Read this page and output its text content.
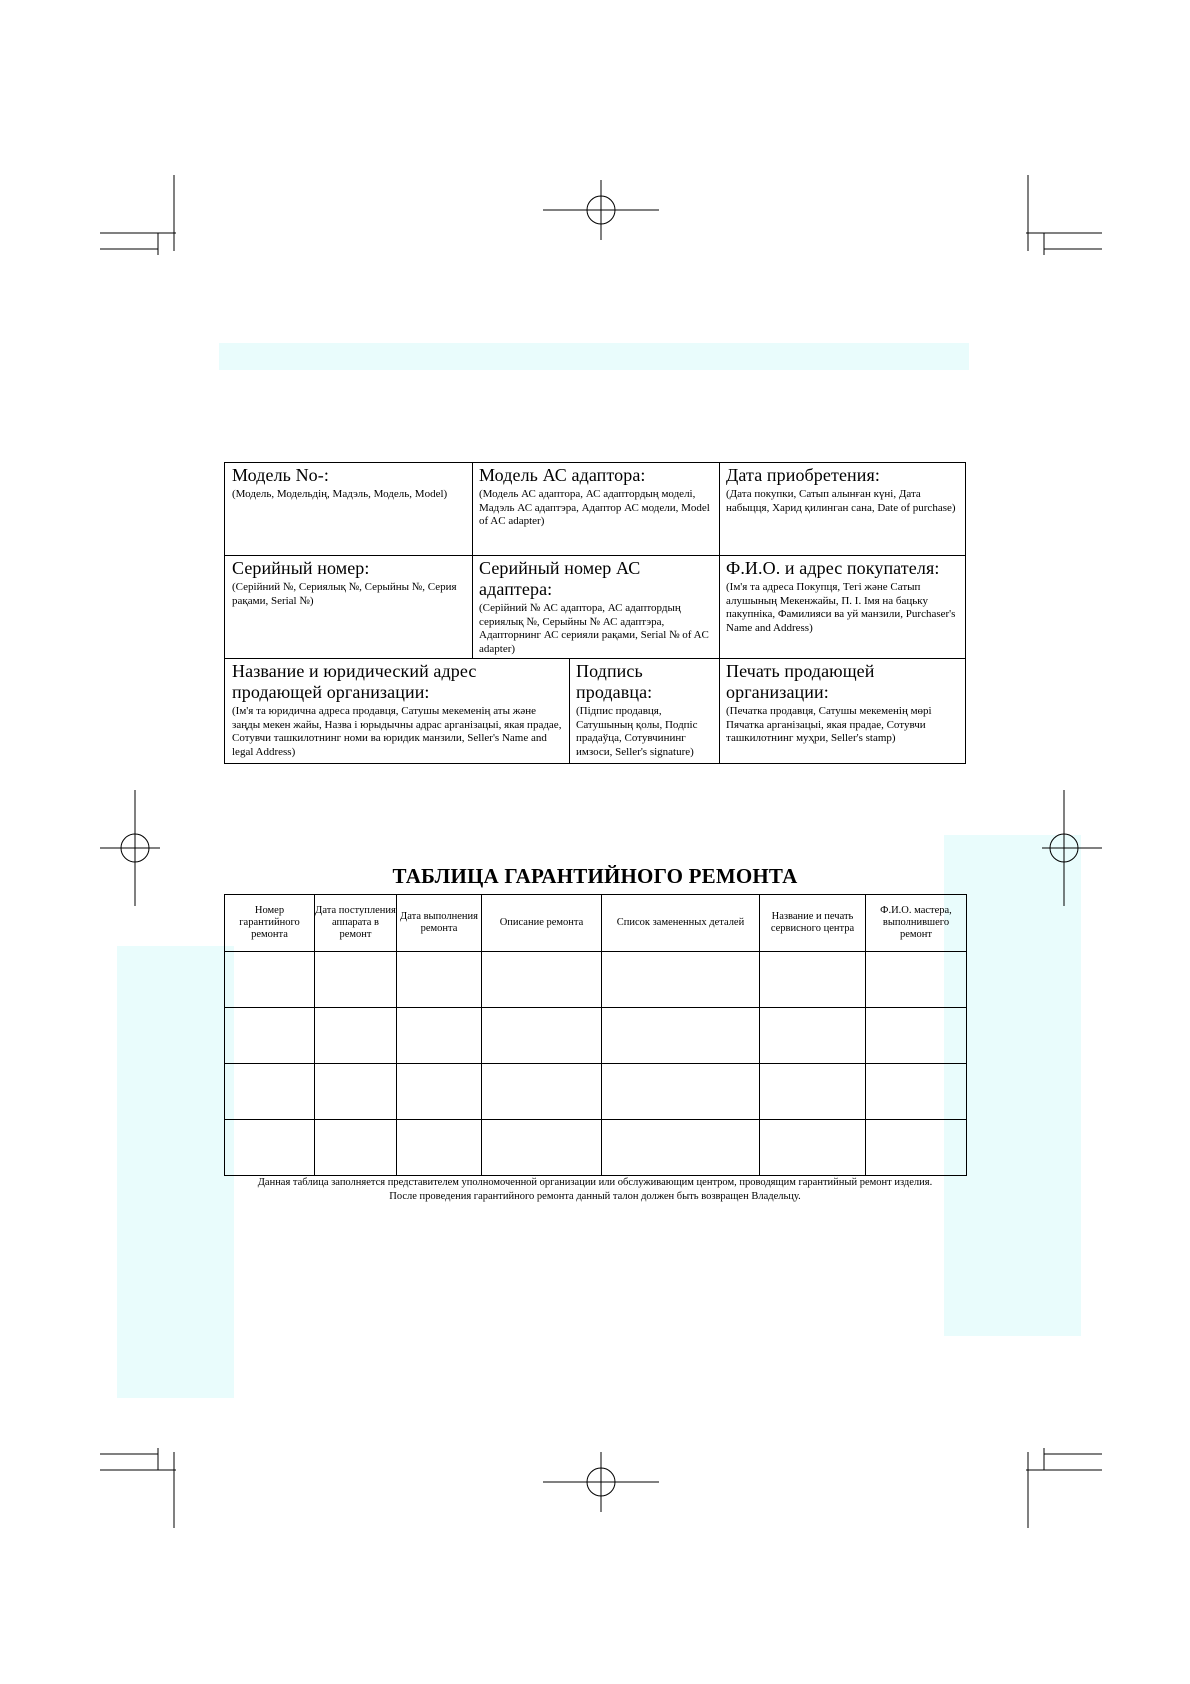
Модель No-:
(Модель, Модельдің, Мадэль, Модель, Model)
Модель АС адаптора:
(Модель АС адаптора, АС адаптордың моделі, Мадэль АС адаптэра, Адаптор АС модели, Model of AC adapter)
Дата приобретения:
(Дата покупки, Сатып алынған күні, Дата набыцця, Харид қилинган сана, Date of purchase)
Серийный номер:
(Серійний №, Сериялық №, Серыйны №, Серия рақами, Serial №)
Серийный номер АС адаптера:
(Серійний № АС адаптора, АС адаптордың сериялық №, Серыйны № АС адаптэра, Адапторнинг АС серияли рақами, Serial № of AC adapter)
Ф.И.О. и адрес покупателя:
(Ім'я та адреса Покупця, Тегі және Сатып алушының Мекенжайы, П. І. Імя на бацьку пакупніка, Фамилияси ва уй манзили, Purchaser's Name and Address)
Название и юридический адрес продающей организации:
(Ім'я та юридична адреса продавця, Сатушы мекеменің аты және заңды мекен жайы, Назва і юрыдычны адрас арганізацыі, якая прадае, Сотувчи ташкилотнинг номи ва юридик манзили, Seller's Name and legal Address)
Подпись продавца:
(Підпис продавця, Сатушының қолы, Подпіс прадаўца, Сотувчининг имзоси, Seller's signature)
Печать продающей организации:
(Печатка продавця, Сатушы мекеменің мөрі Пячатка арганізацыі, якая прадае, Сотувчи ташкилотнинг муҳри, Seller's stamp)
ТАБЛИЦА ГАРАНТИЙНОГО РЕМОНТА
Номер гарантийного ремонта	Дата поступления аппарата в ремонт	Дата выполнения ремонта	Описание ремонта	Список замененных деталей	Название и печать сервисного центра	Ф.И.О. мастера, выполнившего ремонт

Данная таблица заполняется представителем уполномоченной организации или обслуживающим центром, проводящим гарантийный ремонт изделия.
После проведения гарантийного ремонта данный талон должен быть возвращен Владельцу.
